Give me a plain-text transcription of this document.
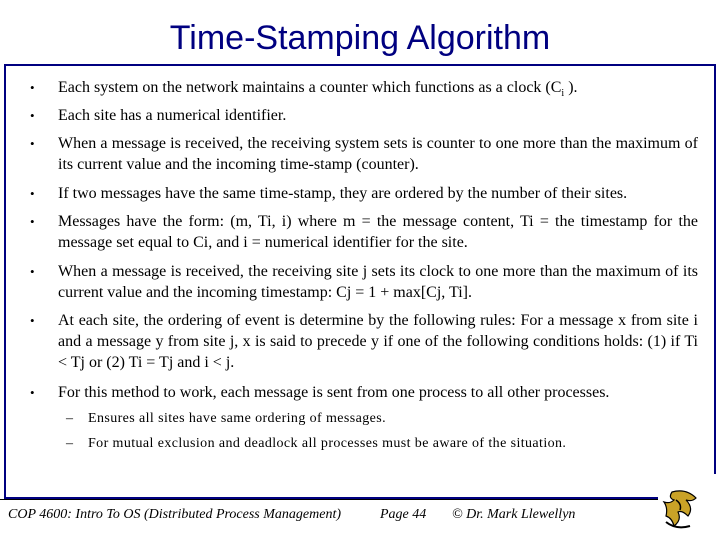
Time-Stamping Algorithm
• Each system on the network maintains a counter which functions as a clock ($C_i$ ).
• Each site has a numerical identifier.
• When a message is received, the receiving system sets is counter to one more than the maximum of its current value and the incoming time-stamp (counter).
• If two messages have the same time-stamp, they are ordered by the number of their sites.
• Messages have the form: (m, Ti, i) where m = the message content, Ti = the timestamp for the message set equal to Ci, and i = numerical identifier for the site.
• When a message is received, the receiving site j sets its clock to one more than the maximum of its current value and the incoming timestamp: Cj = 1 + max[Cj, Ti].
• At each site, the ordering of event is determine by the following rules: For a message x from site i and a message y from site j, x is said to precede y if one of the following conditions holds: (1) if Ti < Tj or (2) Ti = Tj and i < j.
• For this method to work, each message is sent from one process to all other processes.
– Ensures all sites have same ordering of messages.
– For mutual exclusion and deadlock all processes must be aware of the situation.
COP 4600: Intro To OS (Distributed Process Management)	Page 44 © Dr. Mark Llewellyn
